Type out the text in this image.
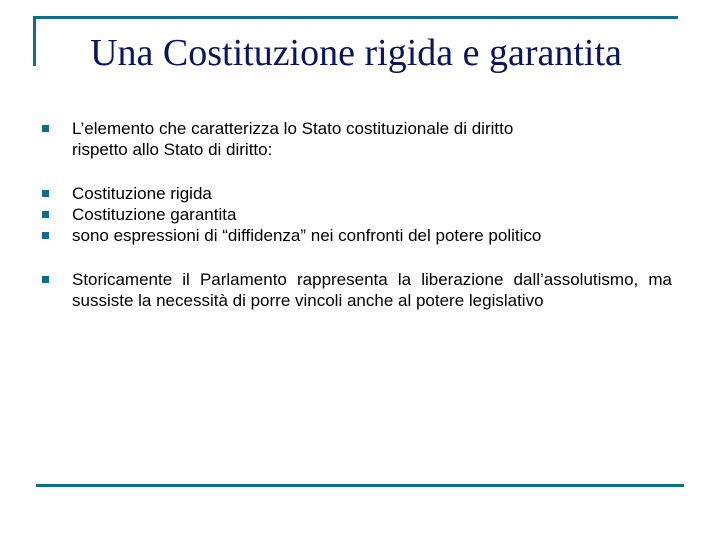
Una Costituzione rigida e garantita
L’elemento che caratterizza lo Stato costituzionale di diritto
rispetto allo Stato di diritto:
Costituzione rigida
Costituzione garantita
sono espressioni di “diffidenza” nei confronti del potere politico
Storicamente il Parlamento rappresenta la liberazione dall’assolutismo, ma sussiste la necessità di porre vincoli anche al potere legislativo
